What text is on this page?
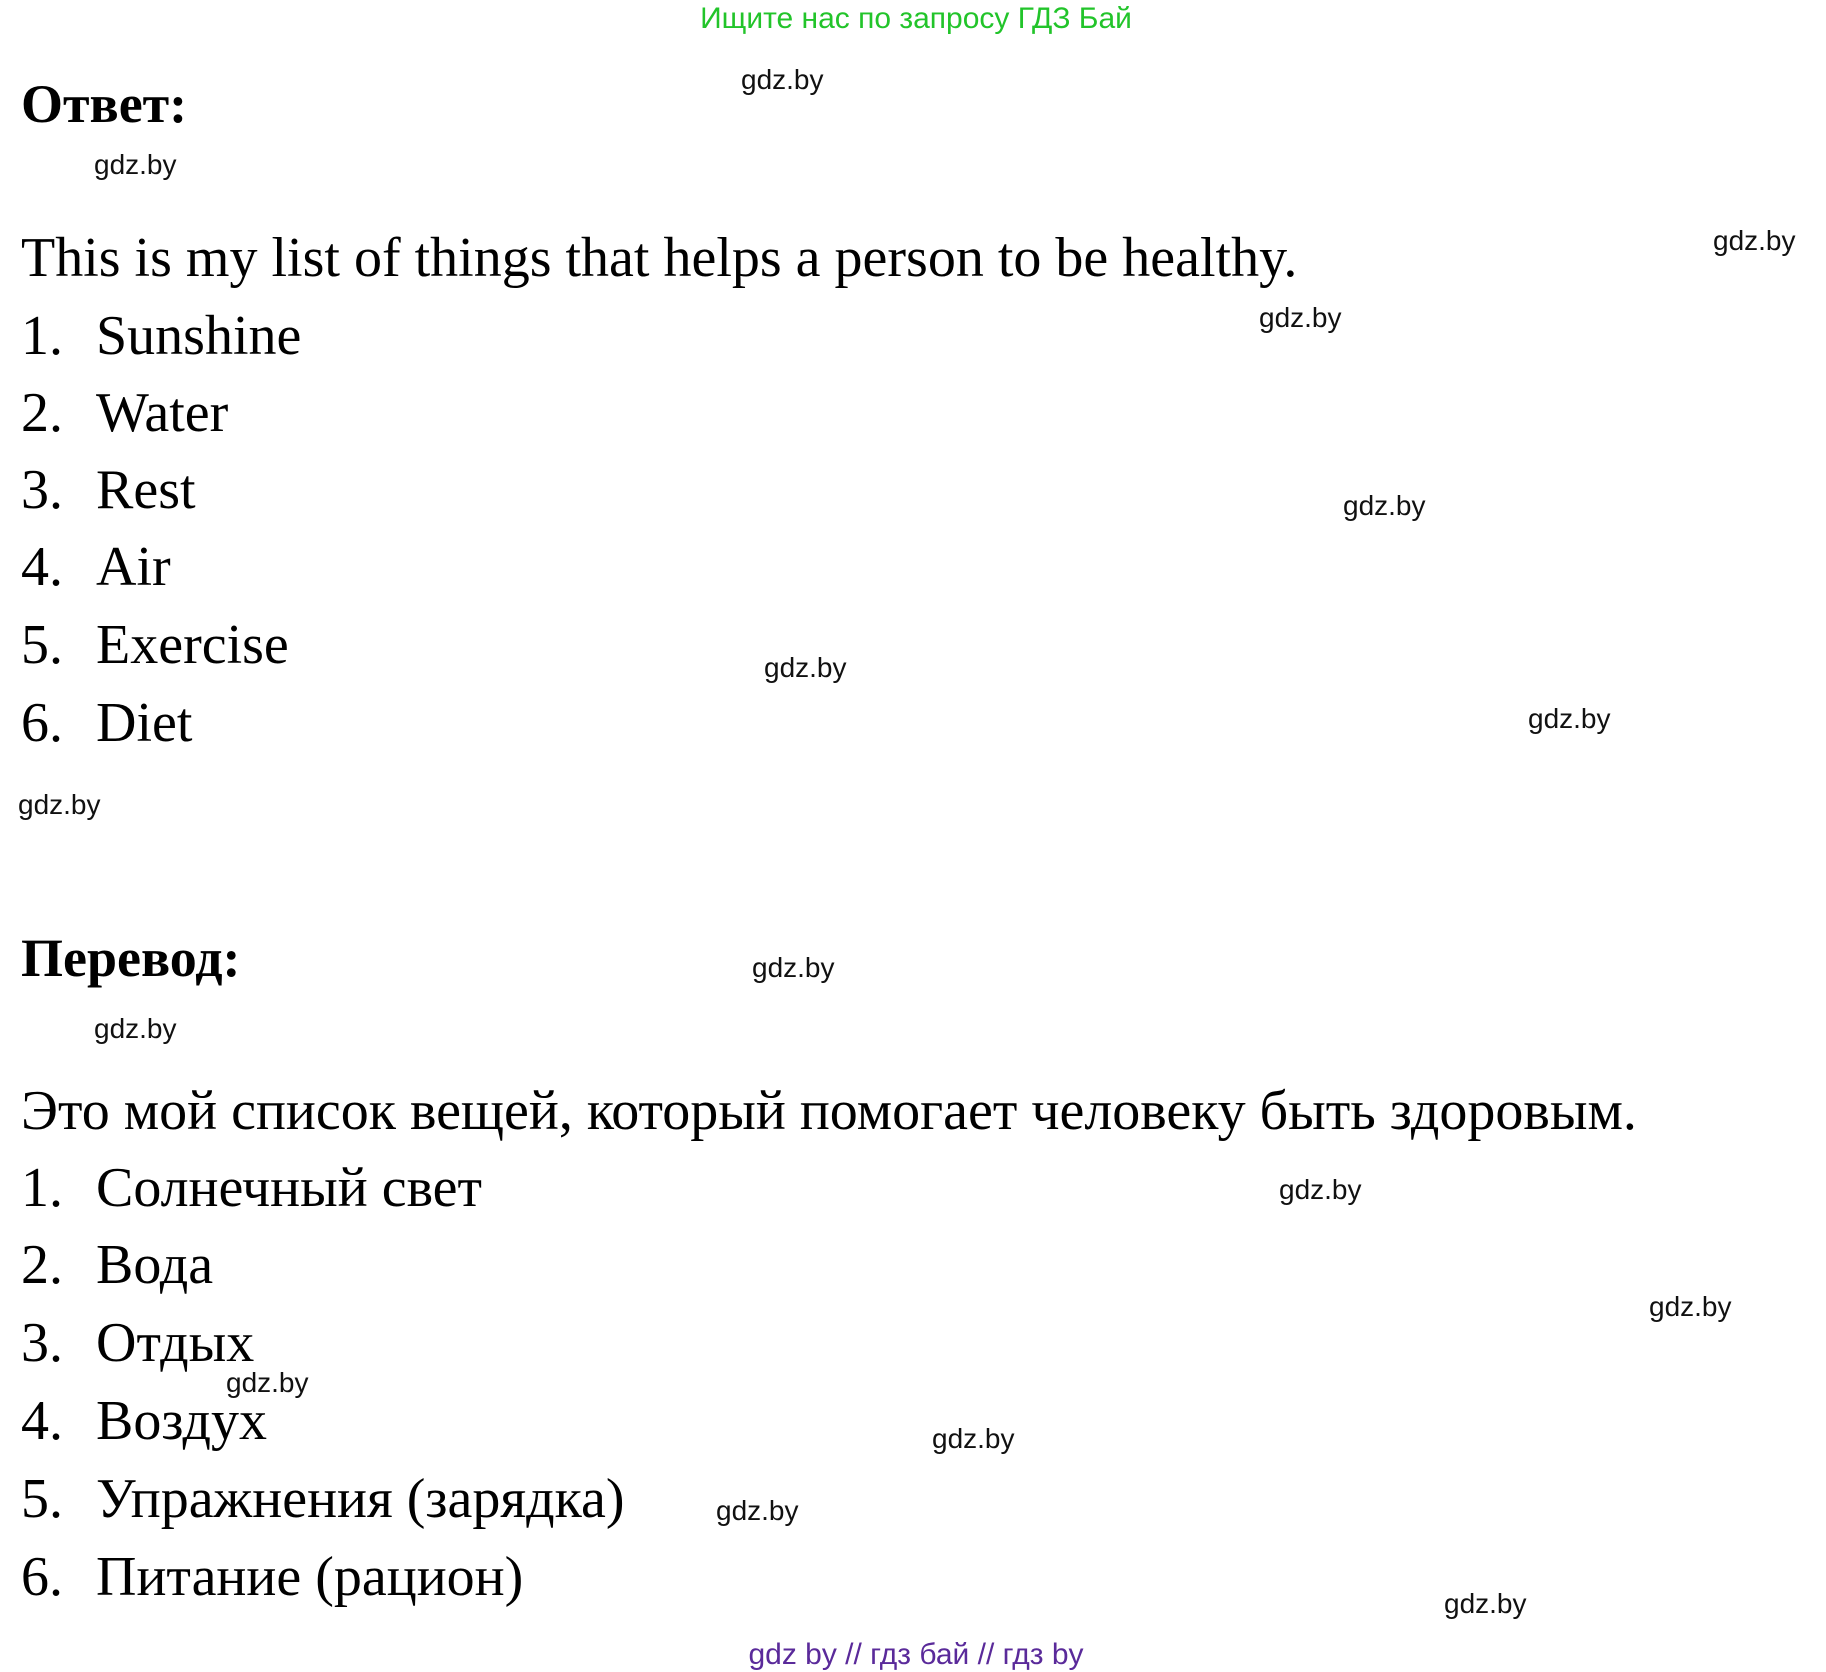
Ищите нас по запросу ГДЗ Бай
Ответ:
This is my list of things that helps a person to be healthy.
1. Sunshine
2. Water
3. Rest
4. Air
5. Exercise
6. Diet
Перевод:
Это мой список вещей, который помогает человеку быть здоровым.
1. Солнечный свет
2. Вода
3. Отдых
4. Воздух
5. Упражнения (зарядка)
6. Питание (рацион)
gdz.by
gdz.by
gdz.by
gdz.by
gdz.by
gdz.by
gdz.by
gdz.by
gdz.by
gdz.by
gdz.by
gdz.by
gdz.by
gdz.by
gdz.by
gdz.by
gdz by // гдз бай // гдз by
